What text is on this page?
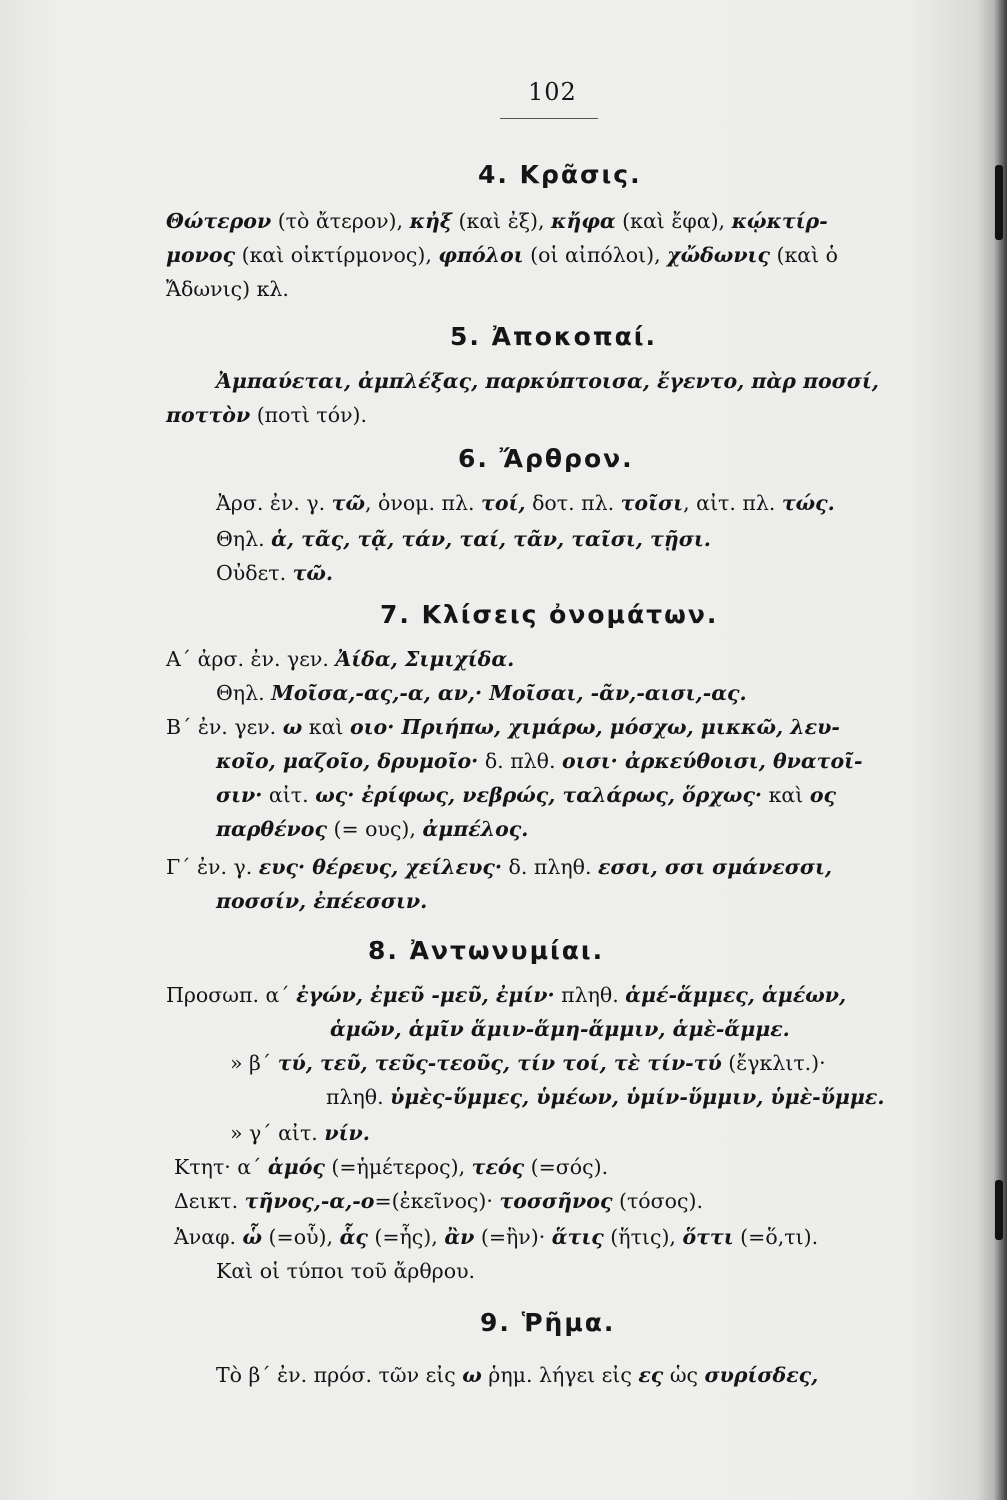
102
4. Κρᾶσις.
Θώτερον (τὸ ἄτερον), κἠξ (καὶ ἐξ), κἤφα (καὶ ἔφα), κῴκτίρ-
μονος (καὶ οἰκτίρμονος), φπόλοι (οἱ αἰπόλοι), χὤδωνις (καὶ ὁ
Ἄδωνις) κλ.
5. Ἀποκοπαί.
Ἀμπαύεται, ἀμπλέξας, παρκύπτοισα, ἔγεντο, πὰρ ποσσί,
ποττὸν (ποτὶ τόν).
6. Ἄρθρον.
Ἀρσ. ἐν. γ. τῶ, ὀνομ. πλ. τοί, δοτ. πλ. τοῖσι, αἰτ. πλ. τώς.
Θηλ. ἁ, τᾶς, τᾷ, τάν, ταί, τᾶν, ταῖσι, τῇσι.
Οὐδετ. τῶ.
7. Κλίσεις ὀνομάτων.
Α΄ ἀρσ. ἐν. γεν. Ἀίδα, Σιμιχίδα.
Θηλ. Μοῖσα,-ας,-α, αν,· Μοῖσαι, -ᾶν,-αισι,-ας.
Β΄ ἐν. γεν. ω καὶ οιο· Πριήπω, χιμάρω, μόσχω, μικκῶ, λευ-
κοῖο, μαζοῖο, δρυμοῖο· δ. πλθ. οισι· ἀρκεύθοισι, θνατοῖ-
σιν· αἰτ. ως· ἐρίφως, νεβρώς, ταλάρως, ὅρχως· καὶ ος
παρθένος (= ους), ἀμπέλος.
Γ΄ ἐν. γ. ευς· θέρευς, χείλευς· δ. πληθ. εσσι, σσι σμάνεσσι,
ποσσίν, ἐπέεσσιν.
8. Ἀντωνυμίαι.
Προσωπ. α΄ ἐγών, ἐμεῦ -μεῦ, ἐμίν· πληθ. ἁμέ-ἅμμες, ἁμέων,
ἁμῶν, ἁμῖν ἅμιν-ἅμη-ἅμμιν, ἁμὲ-ἅμμε.
» β΄ τύ, τεῦ, τεῦς-τεοῦς, τίν τοί, τὲ τίν-τύ (ἔγκλιτ.)·
πληθ. ὑμὲς-ὕμμες, ὑμέων, ὑμίν-ὕμμιν, ὑμὲ-ὕμμε.
» γ΄ αἰτ. νίν.
Κτητ· α΄ ἁμός (=ἡμέτερος), τεός (=σός).
Δεικτ. τῆνος,-α,-ο=(ἐκεῖνος)· τοσσῆνος (τόσος).
Ἀναφ. ὧ (=οὗ), ἇς (=ἧς), ἂν (=ἣν)· ἅτις (ἥτις), ὅττι (=ὅ,τι).
Καὶ οἱ τύποι τοῦ ἄρθρου.
9. Ῥῆμα.
Τὸ β΄ ἐν. πρόσ. τῶν εἰς ω ῥημ. λήγει εἰς ες ὡς συρίσδες,
